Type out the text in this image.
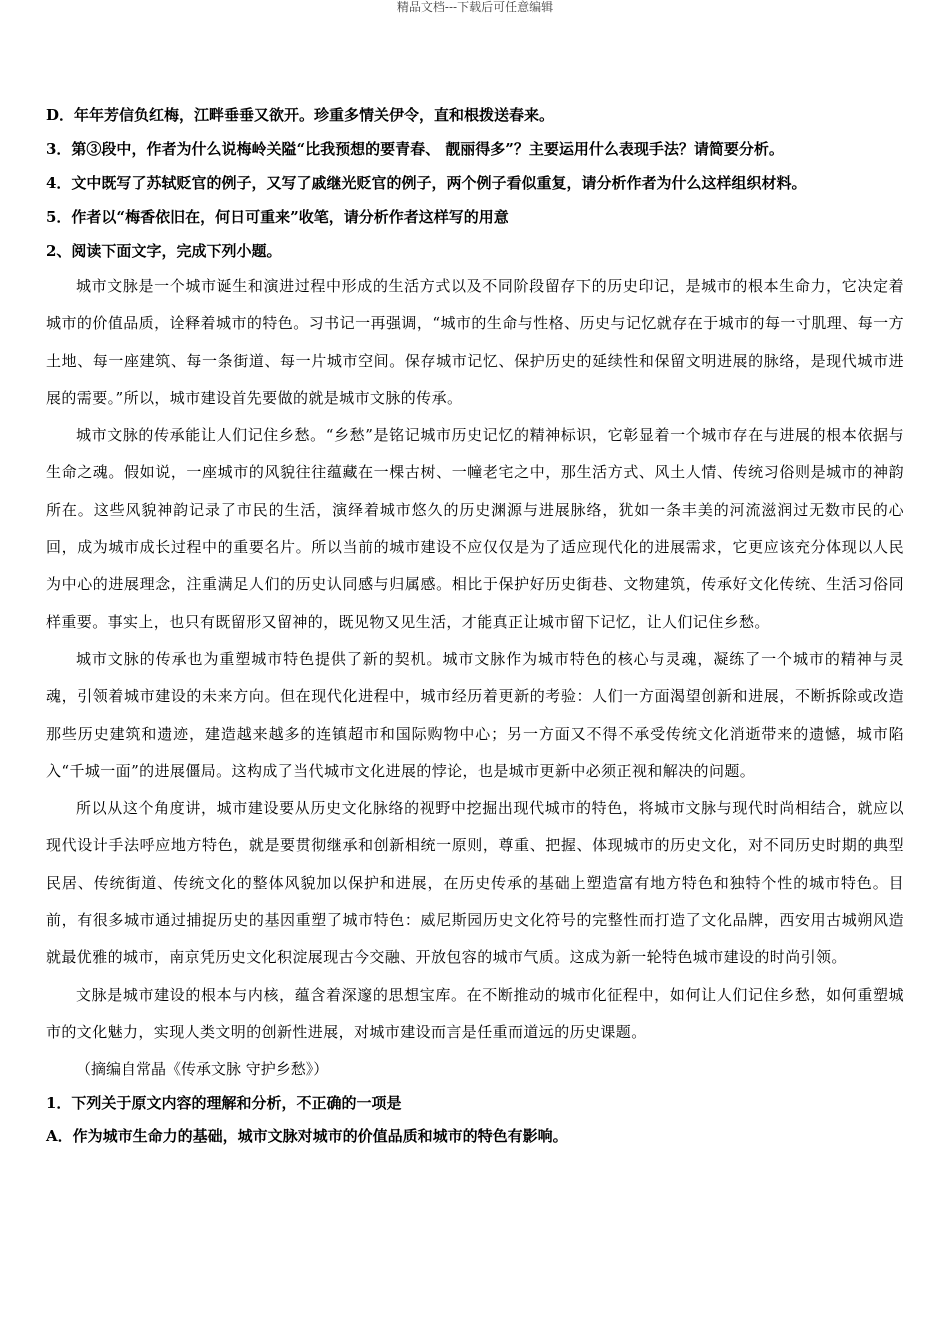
精品文档---下载后可任意编辑

D．年年芳信负红梅，江畔垂垂又欲开。珍重多情关伊令，直和根拨送春来。

3．第③段中，作者为什么说梅岭关隘“比我预想的要青春、 靓丽得多”？主要运用什么表现手法？请简要分析。

4．文中既写了苏轼贬官的例子，又写了戚继光贬官的例子，两个例子看似重复，请分析作者为什么这样组织材料。

5．作者以“梅香依旧在，何日可重来”收笔，请分析作者这样写的用意

2、阅读下面文字，完成下列小题。

城市文脉是一个城市诞生和演进过程中形成的生活方式以及不同阶段留存下的历史印记，是城市的根本生命力，它决定着城市的价值品质，诠释着城市的特色。习书记一再强调，“城市的生命与性格、历史与记忆就存在于城市的每一寸肌理、每一方土地、每一座建筑、每一条街道、每一片城市空间。保存城市记忆、保护历史的延续性和保留文明进展的脉络，是现代城市进展的需要。”所以，城市建设首先要做的就是城市文脉的传承。

城市文脉的传承能让人们记住乡愁。“乡愁”是铭记城市历史记忆的精神标识，它彰显着一个城市存在与进展的根本依据与生命之魂。假如说，一座城市的风貌往往蕴藏在一棵古树、一幢老宅之中，那生活方式、风土人情、传统习俗则是城市的神韵所在。这些风貌神韵记录了市民的生活，演绎着城市悠久的历史渊源与进展脉络，犹如一条丰美的河流滋润过无数市民的心回，成为城市成长过程中的重要名片。所以当前的城市建设不应仅仅是为了适应现代化的进展需求，它更应该充分体现以人民为中心的进展理念，注重满足人们的历史认同感与归属感。相比于保护好历史街巷、文物建筑，传承好文化传统、生活习俗同样重要。事实上，也只有既留形又留神的，既见物又见生活，才能真正让城市留下记忆，让人们记住乡愁。

城市文脉的传承也为重塑城市特色提供了新的契机。城市文脉作为城市特色的核心与灵魂，凝练了一个城市的精神与灵魂，引领着城市建设的未来方向。但在现代化进程中，城市经历着更新的考验：人们一方面渴望创新和进展，不断拆除或改造那些历史建筑和遗迹，建造越来越多的连镇超市和国际购物中心；另一方面又不得不承受传统文化消逝带来的遗憾，城市陷入“千城一面”的进展僵局。这构成了当代城市文化进展的悖论，也是城市更新中必须正视和解决的问题。

所以从这个角度讲，城市建设要从历史文化脉络的视野中挖掘出现代城市的特色，将城市文脉与现代时尚相结合，就应以现代设计手法呼应地方特色，就是要贯彻继承和创新相统一原则，尊重、把握、体现城市的历史文化，对不同历史时期的典型民居、传统街道、传统文化的整体风貌加以保护和进展，在历史传承的基础上塑造富有地方特色和独特个性的城市特色。目前，有很多城市通过捕捉历史的基因重塑了城市特色：威尼斯园历史文化符号的完整性而打造了文化品牌，西安用古城朔风造就最优雅的城市，南京凭历史文化积淀展现古今交融、开放包容的城市气质。这成为新一轮特色城市建设的时尚引领。

文脉是城市建设的根本与内核，蕴含着深邃的思想宝库。在不断推动的城市化征程中，如何让人们记住乡愁，如何重塑城市的文化魅力，实现人类文明的创新性进展，对城市建设而言是任重而道远的历史课题。

（摘编自常晶《传承文脉 守护乡愁》）

1．下列关于原文内容的理解和分析，不正确的一项是

A．作为城市生命力的基础，城市文脉对城市的价值品质和城市的特色有影响。
